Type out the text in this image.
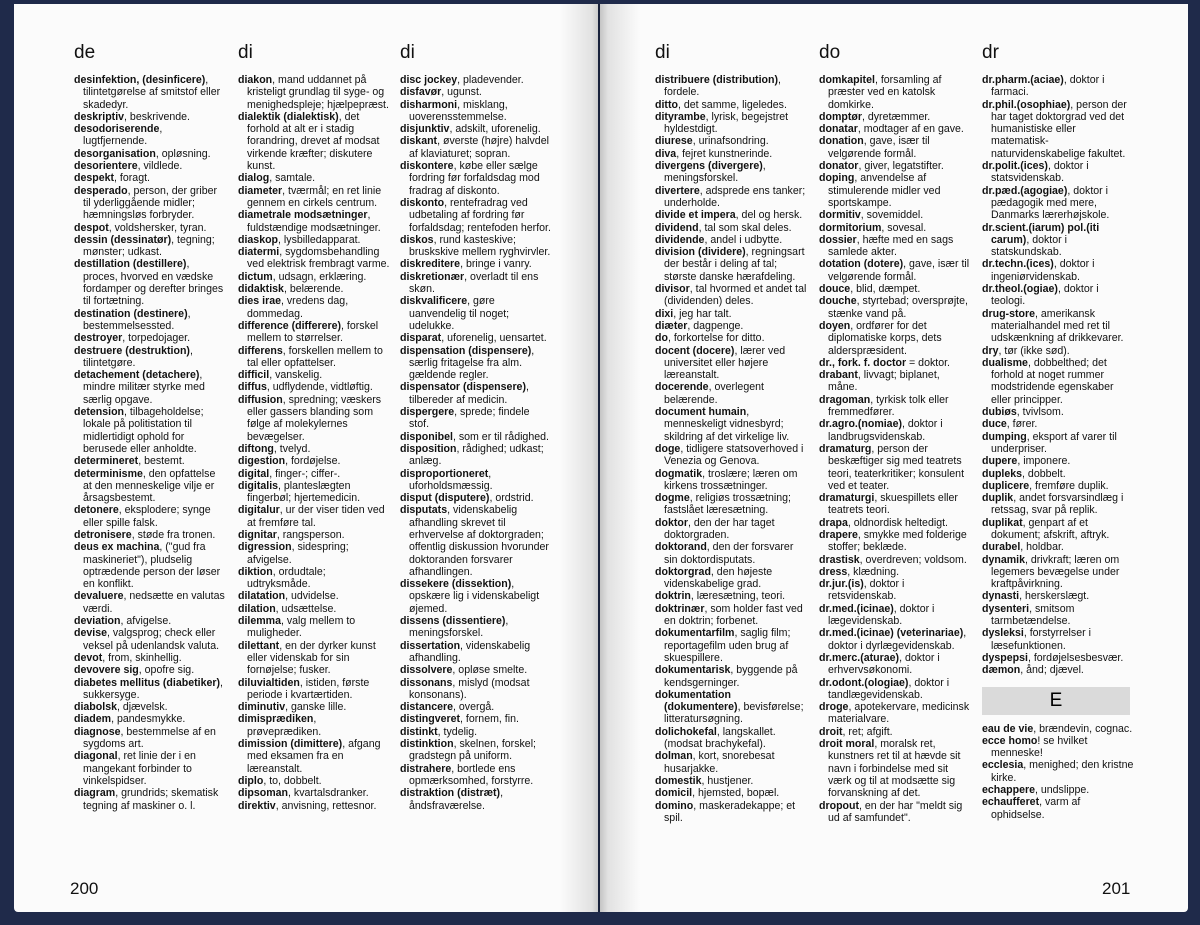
de

desinfektion, (desinficere), tilintetgørelse af smitstof eller skadedyr.

deskriptiv, beskrivende.

desodoriserende, lugtfjernende.

desorganisation, opløsning.

desorientere, vildlede.

despekt, foragt.

desperado, person, der griber til yderliggående midler; hæmningsløs forbryder.

despot, voldshersker, tyran.

dessin (dessinatør), tegning; mønster; udkast.

destillation (destillere), proces, hvorved en vædske fordamper og derefter bringes til fortætning.

destination (destinere), bestemmelsessted.

destroyer, torpedojager.

destruere (destruktion), tilintetgøre.

detachement (detachere), mindre militær styrke med særlig opgave.

detension, tilbageholdelse; lokale på politistation til midlertidigt ophold for berusede eller anholdte.

determineret, bestemt.

determinisme, den opfattelse at den menneskelige vilje er årsagsbestemt.

detonere, eksplodere; synge eller spille falsk.

detronisere, støde fra tronen.

deus ex machina, ("gud fra maskineriet"), pludselig optrædende person der løser en konflikt.

devaluere, nedsætte en valutas værdi.

deviation, afvigelse.

devise, valgsprog; check eller veksel på udenlandsk valuta.

devot, from, skinhellig.

devovere sig, opofre sig.

diabetes mellitus (diabetiker), sukkersyge.

diabolsk, djævelsk.

diadem, pandesmykke.

diagnose, bestemmelse af en sygdoms art.

diagonal, ret linie der i en mangekant forbinder to vinkelspidser.

diagram, grundrids; skematisk tegning af maskiner o. l.

di

diakon, mand uddannet på kristeligt grundlag til syge- og menighedspleje; hjælpepræst.

dialektik (dialektisk), det forhold at alt er i stadig forandring, drevet af modsat virkende kræfter; diskutere kunst.

dialog, samtale.

diameter, tværmål; en ret linie gennem en cirkels centrum.

diametrale modsætninger, fuldstændige modsætninger.

diaskop, lysbilledapparat.

diatermi, sygdomsbehandling ved elektrisk frembragt varme.

dictum, udsagn, erklæring.

didaktisk, belærende.

dies irae, vredens dag, dommedag.

difference (differere), forskel mellem to størrelser.

differens, forskellen mellem to tal eller opfattelser.

difficil, vanskelig.

diffus, udflydende, vidtløftig.

diffusion, spredning; væskers eller gassers blanding som følge af molekylernes bevægelser.

diftong, tvelyd.

digestion, fordøjelse.

digital, finger-; ciffer-.

digitalis, planteslægten fingerbøl; hjertemedicin.

digitalur, ur der viser tiden ved at fremføre tal.

dignitar, rangsperson.

digression, sidespring; afvigelse.

diktion, ordudtale; udtryksmåde.

dilatation, udvidelse.

dilation, udsættelse.

dilemma, valg mellem to muligheder.

dilettant, en der dyrker kunst eller videnskab for sin fornøjelse; fusker.

diluvialtiden, istiden, første periode i kvartærtiden.

diminutiv, ganske lille.

dimisprædiken, prøveprædiken.

dimission (dimittere), afgang med eksamen fra en læreanstalt.

diplo, to, dobbelt.

dipsoman, kvartalsdranker.

direktiv, anvisning, rettesnor.

di

disc jockey, pladevender.

disfavør, ugunst.

disharmoni, misklang, uoverensstemmelse.

disjunktiv, adskilt, uforenelig.

diskant, øverste (højre) halvdel af klaviaturet; sopran.

diskontere, købe eller sælge fordring før forfaldsdag mod fradrag af diskonto.

diskonto, rentefradrag ved udbetaling af fordring før forfaldsdag; rentefoden herfor.

diskos, rund kasteskive; bruskskive mellem ryghvirvler.

diskreditere, bringe i vanry.

diskretionær, overladt til ens skøn.

diskvalificere, gøre uanvendelig til noget; udelukke.

disparat, uforenelig, uensartet.

dispensation (dispensere), særlig fritagelse fra alm. gældende regler.

dispensator (dispensere), tilbereder af medicin.

dispergere, sprede; findele stof.

disponibel, som er til rådighed.

disposition, rådighed; udkast; anlæg.

disproportioneret, uforholdsmæssig.

disput (disputere), ordstrid.

disputats, videnskabelig afhandling skrevet til erhvervelse af doktorgraden; offentlig diskussion hvorunder doktoranden forsvarer afhandlingen.

dissekere (dissektion), opskære lig i videnskabeligt øjemed.

dissens (dissentiere), meningsforskel.

dissertation, videnskabelig afhandling.

dissolvere, opløse smelte.

dissonans, mislyd (modsat konsonans).

distancere, overgå.

distingveret, fornem, fin.

distinkt, tydelig.

distinktion, skelnen, forskel; gradstegn på uniform.

distrahere, bortlede ens opmærksomhed, forstyrre.

distraktion (distræt), åndsfraværelse.

200
di

distribuere (distribution), fordele.

ditto, det samme, ligeledes.

dityrambe, lyrisk, begejstret hyldestdigt.

diurese, urinafsondring.

diva, fejret kunstnerinde.

divergens (divergere), meningsforskel.

divertere, adsprede ens tanker; underholde.

divide et impera, del og hersk.

dividend, tal som skal deles.

dividende, andel i udbytte.

division (dividere), regningsart der består i deling af tal; største danske hærafdeling.

divisor, tal hvormed et andet tal (dividenden) deles.

dixi, jeg har talt.

diæter, dagpenge.

do, forkortelse for ditto.

docent (docere), lærer ved universitet eller højere læreanstalt.

docerende, overlegent belærende.

document humain, menneskeligt vidnesbyrd; skildring af det virkelige liv.

doge, tidligere statsoverhoved i Venezia og Genova.

dogmatik, troslære; læren om kirkens trossætninger.

dogme, religiøs trossætning; fastslået læresætning.

doktor, den der har taget doktorgraden.

doktorand, den der forsvarer sin doktordisputats.

doktorgrad, den højeste videnskabelige grad.

doktrin, læresætning, teori.

doktrinær, som holder fast ved en doktrin; forbenet.

dokumentarfilm, saglig film; reportagefilm uden brug af skuespillere.

dokumentarisk, byggende på kendsgerninger.

dokumentation (dokumentere), bevisførelse; litteratursøgning.

dolichokefal, langskallet. (modsat brachykefal).

dolman, kort, snorebesat husarjakke.

domestik, hustjener.

domicil, hjemsted, bopæl.

domino, maskeradekappe; et spil.

do

domkapitel, forsamling af præster ved en katolsk domkirke.

domptør, dyretæmmer.

donatar, modtager af en gave.

donation, gave, især til velgørende formål.

donator, giver, legatstifter.

doping, anvendelse af stimulerende midler ved sportskampe.

dormitiv, sovemiddel.

dormitorium, sovesal.

dossier, hæfte med en sags samlede akter.

dotation (dotere), gave, især til velgørende formål.

douce, blid, dæmpet.

douche, styrtebad; oversprøjte, stænke vand på.

doyen, ordfører for det diplomatiske korps, dets alderspræsident.

dr., fork. f. doctor = doktor.

drabant, livvagt; biplanet, måne.

dragoman, tyrkisk tolk eller fremmedfører.

dr.agro.(nomiae), doktor i landbrugsvidenskab.

dramaturg, person der beskæftiger sig med teatrets teori, teaterkritiker; konsulent ved et teater.

dramaturgi, skuespillets eller teatrets teori.

drapa, oldnordisk heltedigt.

drapere, smykke med folderige stoffer; beklæde.

drastisk, overdreven; voldsom.

dress, klædning.

dr.jur.(is), doktor i retsvidenskab.

dr.med.(icinae), doktor i lægevidenskab.

dr.med.(icinae) (veterinariae), doktor i dyrlægevidenskab.

dr.merc.(aturae), doktor i erhvervsøkonomi.

dr.odont.(ologiae), doktor i tandlægevidenskab.

droge, apotekervare, medicinsk materialvare.

droit, ret; afgift.

droit moral, moralsk ret, kunstners ret til at hævde sit navn i forbindelse med sit værk og til at modsætte sig forvanskning af det.

dropout, en der har "meldt sig ud af samfundet".

dr

dr.pharm.(aciae), doktor i farmaci.

dr.phil.(osophiae), person der har taget doktorgrad ved det humanistiske eller matematisk-naturvidenskabelige fakultet.

dr.polit.(ices), doktor i statsvidenskab.

dr.pæd.(agogiae), doktor i pædagogik med mere, Danmarks lærerhøjskole.

dr.scient.(iarum) pol.(iti carum), doktor i statskundskab.

dr.techn.(ices), doktor i ingeniørvidenskab.

dr.theol.(ogiae), doktor i teologi.

drug-store, amerikansk materialhandel med ret til udskænkning af drikkevarer.

dry, tør (ikke sød).

dualisme, dobbelthed; det forhold at noget rummer modstridende egenskaber eller principper.

dubiøs, tvivlsom.

duce, fører.

dumping, eksport af varer til underpriser.

dupere, imponere.

dupleks, dobbelt.

duplicere, fremføre duplik.

duplik, andet forsvarsindlæg i retssag, svar på replik.

duplikat, genpart af et dokument; afskrift, aftryk.

durabel, holdbar.

dynamik, drivkraft; læren om legemers bevægelse under kraftpåvirkning.

dynasti, herskerslægt.

dysenteri, smitsom tarmbetændelse.

dysleksi, forstyrrelser i læsefunktionen.

dyspepsi, fordøjelsesbesvær.

dæmon, ånd; djævel.

E

eau de vie, brændevin, cognac.

ecce homo! se hvilket menneske!

ecclesia, menighed; den kristne kirke.

echappere, undslippe.

echaufferet, varm af ophidselse.

201
